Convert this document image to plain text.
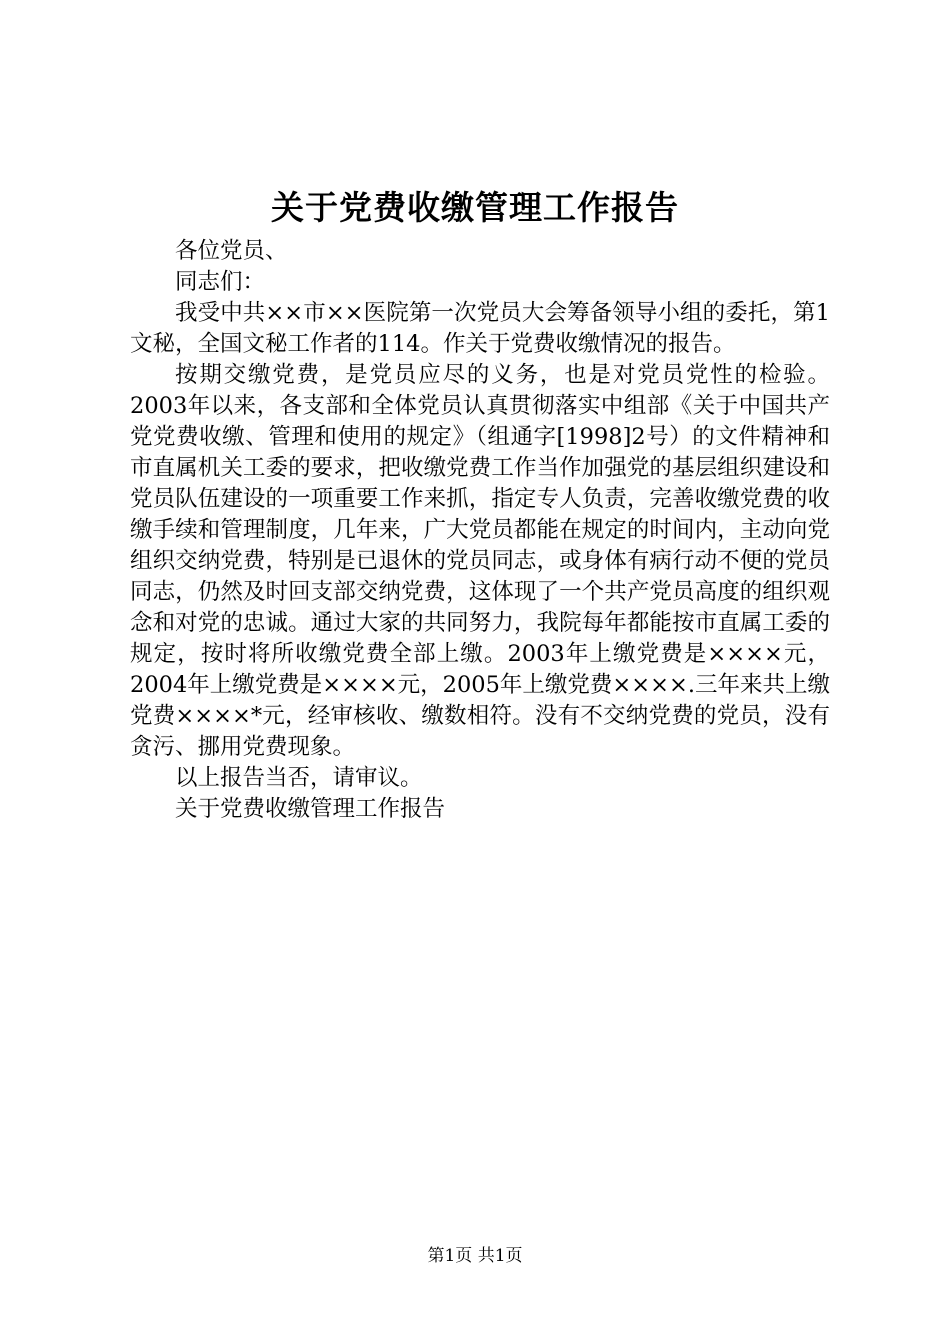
关于党费收缴管理工作报告

各位党员、

同志们：

我受中共××市××医院第一次党员大会筹备领导小组的委托，第1文秘，全国文秘工作者的114。作关于党费收缴情况的报告。

按期交缴党费，是党员应尽的义务，也是对党员党性的检验。2003年以来，各支部和全体党员认真贯彻落实中组部《关于中国共产党党费收缴、管理和使用的规定》（组通字[1998]2号）的文件精神和市直属机关工委的要求，把收缴党费工作当作加强党的基层组织建设和党员队伍建设的一项重要工作来抓，指定专人负责，完善收缴党费的收缴手续和管理制度，几年来，广大党员都能在规定的时间内，主动向党组织交纳党费，特别是已退休的党员同志，或身体有病行动不便的党员同志，仍然及时回支部交纳党费，这体现了一个共产党员高度的组织观念和对党的忠诚。通过大家的共同努力，我院每年都能按市直属工委的规定，按时将所收缴党费全部上缴。2003年上缴党费是××××元，2004年上缴党费是××××元，2005年上缴党费××××.三年来共上缴党费××××*元，经审核收、缴数相符。没有不交纳党费的党员，没有贪污、挪用党费现象。

以上报告当否，请审议。

关于党费收缴管理工作报告

第1页 共1页
